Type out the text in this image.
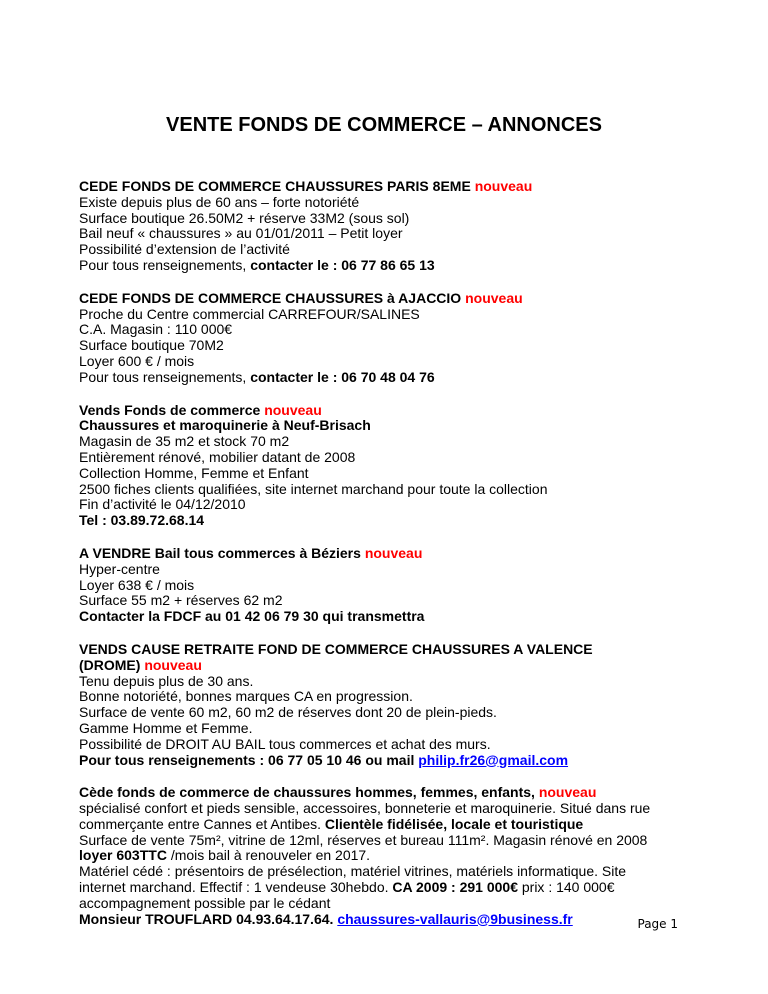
VENTE FONDS DE COMMERCE – ANNONCES
CEDE FONDS DE COMMERCE CHAUSSURES PARIS 8EME nouveau
Existe depuis plus de 60 ans – forte notoriété
Surface boutique 26.50M2 + réserve 33M2 (sous sol)
Bail neuf « chaussures » au 01/01/2011 – Petit loyer
Possibilité d’extension de l’activité
Pour tous renseignements, contacter le : 06 77 86 65 13
CEDE FONDS DE COMMERCE CHAUSSURES à AJACCIO nouveau
Proche du Centre commercial CARREFOUR/SALINES
C.A. Magasin : 110 000€
Surface boutique 70M2
Loyer 600 € / mois
Pour tous renseignements, contacter le : 06 70 48 04 76
Vends Fonds de commerce nouveau
Chaussures et maroquinerie à Neuf-Brisach
Magasin de 35 m2 et stock 70 m2
Entièrement rénové, mobilier datant de 2008
Collection Homme, Femme et Enfant
2500 fiches clients qualifiées, site internet marchand pour toute la collection
Fin d’activité le 04/12/2010
Tel : 03.89.72.68.14
A VENDRE Bail tous commerces à Béziers nouveau
Hyper-centre
Loyer 638 € / mois
Surface 55 m2 + réserves 62 m2
Contacter la FDCF au 01 42 06 79 30 qui transmettra
VENDS CAUSE RETRAITE FOND DE COMMERCE CHAUSSURES A VALENCE
(DROME) nouveau
Tenu depuis plus de 30 ans.
Bonne notoriété, bonnes marques CA en progression.
Surface de vente 60 m2, 60 m2 de réserves dont 20 de plein-pieds.
Gamme Homme et Femme.
Possibilité de DROIT AU BAIL tous commerces et achat des murs.
Pour tous renseignements : 06 77 05 10 46 ou mail philip.fr26@gmail.com
Cède fonds de commerce de chaussures hommes, femmes, enfants, nouveau
spécialisé confort et pieds sensible, accessoires, bonneterie et maroquinerie. Situé dans rue
commerçante entre Cannes et Antibes. Clientèle fidélisée, locale et touristique
Surface de vente 75m², vitrine de 12ml, réserves et bureau 111m². Magasin rénové en 2008
loyer 603TTC /mois bail à renouveler en 2017.
Matériel cédé : présentoirs de présélection, matériel vitrines, matériels informatique. Site
internet marchand. Effectif : 1 vendeuse 30hebdo. CA 2009 : 291 000€ prix : 140 000€
accompagnement possible par le cédant
Monsieur TROUFLARD 04.93.64.17.64. chaussures-vallauris@9business.fr	Page 1
